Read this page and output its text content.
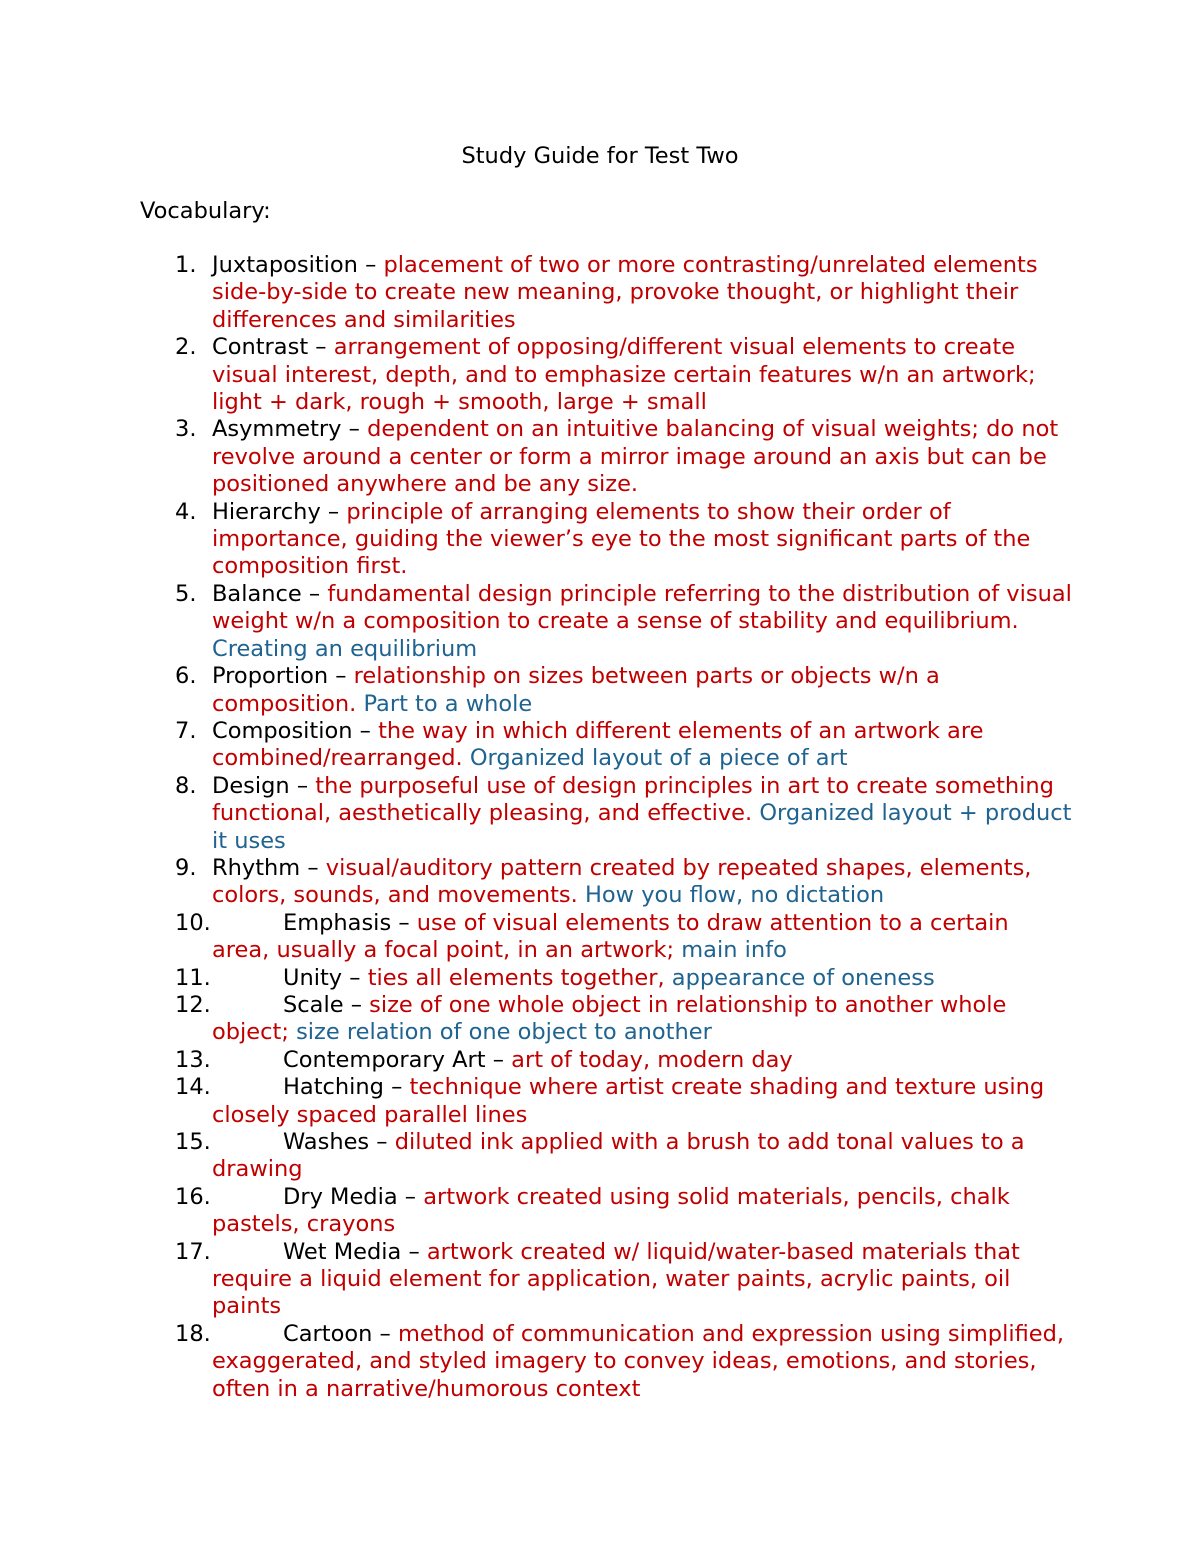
Study Guide for Test Two

Vocabulary:

1. Juxtaposition – placement of two or more contrasting/unrelated elements side-by-side to create new meaning, provoke thought, or highlight their differences and similarities
2. Contrast – arrangement of opposing/different visual elements to create visual interest, depth, and to emphasize certain features w/n an artwork; light + dark, rough + smooth, large + small
3. Asymmetry – dependent on an intuitive balancing of visual weights; do not revolve around a center or form a mirror image around an axis but can be positioned anywhere and be any size.
4. Hierarchy – principle of arranging elements to show their order of importance, guiding the viewer’s eye to the most significant parts of the composition first.
5. Balance – fundamental design principle referring to the distribution of visual weight w/n a composition to create a sense of stability and equilibrium. Creating an equilibrium
6. Proportion – relationship on sizes between parts or objects w/n a composition. Part to a whole
7. Composition – the way in which different elements of an artwork are combined/rearranged. Organized layout of a piece of art
8. Design – the purposeful use of design principles in art to create something functional, aesthetically pleasing, and effective. Organized layout + product it uses
9. Rhythm – visual/auditory pattern created by repeated shapes, elements, colors, sounds, and movements. How you flow, no dictation
10.	Emphasis – use of visual elements to draw attention to a certain area, usually a focal point, in an artwork; main info
11.	Unity – ties all elements together, appearance of oneness
12.	Scale – size of one whole object in relationship to another whole object; size relation of one object to another
13.	Contemporary Art – art of today, modern day
14.	Hatching – technique where artist create shading and texture using closely spaced parallel lines
15.	Washes – diluted ink applied with a brush to add tonal values to a drawing
16.	Dry Media – artwork created using solid materials, pencils, chalk pastels, crayons
17.	Wet Media – artwork created w/ liquid/water-based materials that require a liquid element for application, water paints, acrylic paints, oil paints
18.	Cartoon – method of communication and expression using simplified, exaggerated, and styled imagery to convey ideas, emotions, and stories, often in a narrative/humorous context
